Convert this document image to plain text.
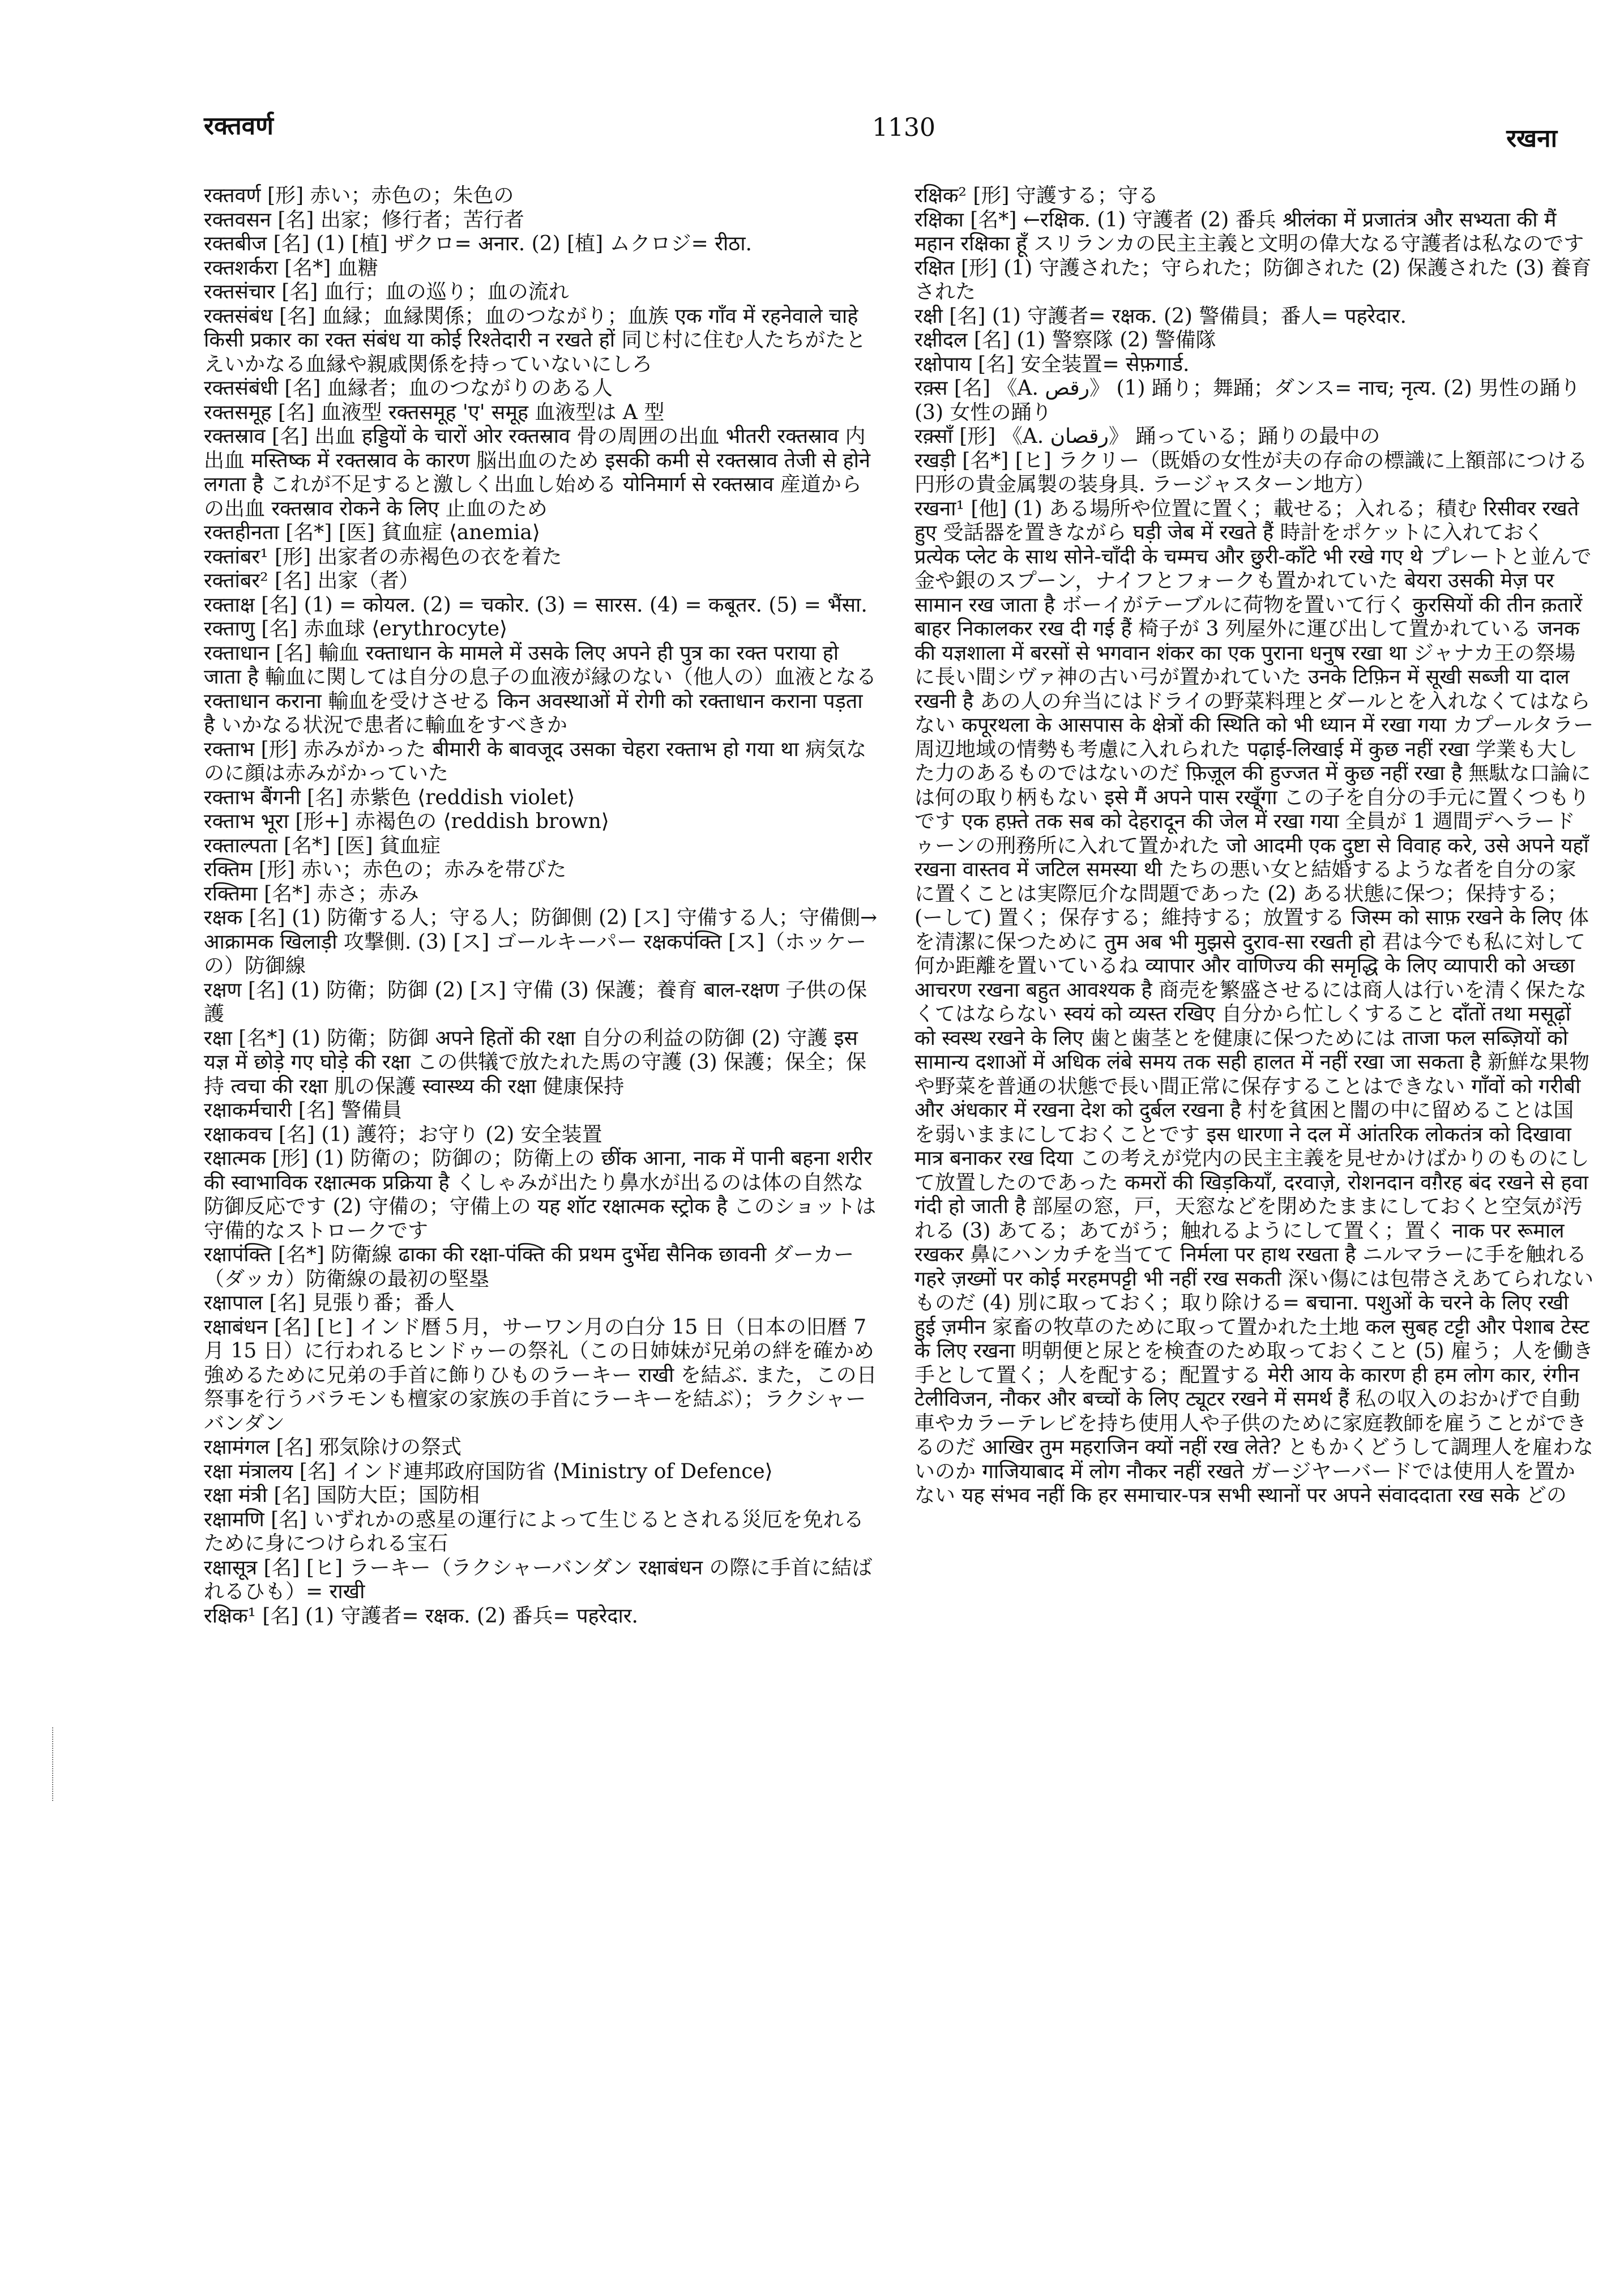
रक्तवर्ण	1130	रखना
रक्तवर्ण [形] 赤い；赤色の；朱色の
रक्तवसन [名] 出家；修行者；苦行者
रक्तबीज [名] (1) [植] ザクロ= अनार. (2) [植] ムクロジ= रीठा.
रक्तशर्करा [名*] 血糖
रक्तसंचार [名] 血行；血の巡り；血の流れ
रक्तसंबंध [名] 血縁；血縁関係；血のつながり；血族 एक गाँव में रहनेवाले चाहे किसी प्रकार का रक्त संबंध या कोई रिश्तेदारी न रखते हों 同じ村に住む人たちがたとえいかなる血縁や親戚関係を持っていないにしろ
रक्तसंबंधी [名] 血縁者；血のつながりのある人
रक्तसमूह [名] 血液型 रक्तसमूह 'ए' समूह 血液型は A 型
रक्तस्राव [名] 出血 हड्डियों के चारों ओर रक्तस्राव 骨の周囲の出血 भीतरी रक्तस्राव 内出血 मस्तिष्क में रक्तस्राव के कारण 脳出血のため इसकी कमी से रक्तस्राव तेजी से होने लगता है これが不足すると激しく出血し始める योनिमार्ग से रक्तस्राव 産道からの出血 रक्तस्राव रोकने के लिए 止血のため
रक्तहीनता [名*] [医] 貧血症 ⟨anemia⟩
रक्तांबर¹ [形] 出家者の赤褐色の衣を着た
रक्तांबर² [名] 出家（者）
रक्ताक्ष [名] (1) = कोयल. (2) = चकोर. (3) = सारस. (4) = कबूतर. (5) = भैंसा.
रक्ताणु [名] 赤血球 ⟨erythrocyte⟩
रक्ताधान [名] 輸血 रक्ताधान के मामले में उसके लिए अपने ही पुत्र का रक्त पराया हो जाता है 輸血に関しては自分の息子の血液が縁のない（他人の）血液となる रक्ताधान कराना 輸血を受けさせる किन अवस्थाओं में रोगी को रक्ताधान कराना पड़ता है いかなる状況で患者に輸血をすべきか
रक्ताभ [形] 赤みがかった बीमारी के बावजूद उसका चेहरा रक्ताभ हो गया था 病気なのに顔は赤みがかっていた
रक्ताभ बैंगनी [名] 赤紫色 ⟨reddish violet⟩
रक्ताभ भूरा [形+] 赤褐色の ⟨reddish brown⟩
रक्ताल्पता [名*] [医] 貧血症
रक्तिम [形] 赤い；赤色の；赤みを帯びた
रक्तिमा [名*] 赤さ；赤み
रक्षक [名] (1) 防衛する人；守る人；防御側 (2) [ス] 守備する人；守備側→ आक्रामक खिलाड़ी 攻撃側. (3) [ス] ゴールキーパー रक्षकपंक्ति [ス]（ホッケーの）防御線
रक्षण [名] (1) 防衛；防御 (2) [ス] 守備 (3) 保護；養育 बाल-रक्षण 子供の保護
रक्षा [名*] (1) 防衛；防御 अपने हितों की रक्षा 自分の利益の防御 (2) 守護 इस यज्ञ में छोड़े गए घोड़े की रक्षा この供犠で放たれた馬の守護 (3) 保護；保全；保持 त्वचा की रक्षा 肌の保護 स्वास्थ्य की रक्षा 健康保持
रक्षाकर्मचारी [名] 警備員
रक्षाकवच [名] (1) 護符；お守り (2) 安全装置
रक्षात्मक [形] (1) 防衛の；防御の；防衛上の छींक आना, नाक में पानी बहना शरीर की स्वाभाविक रक्षात्मक प्रक्रिया है くしゃみが出たり鼻水が出るのは体の自然な防御反応です (2) 守備の；守備上の यह शॉट रक्षात्मक स्ट्रोक है このショットは守備的なストロークです
रक्षापंक्ति [名*] 防衛線 ढाका की रक्षा-पंक्ति की प्रथम दुर्भेद्य सैनिक छावनी ダーカー（ダッカ）防衛線の最初の堅塁
रक्षापाल [名] 見張り番；番人
रक्षाबंधन [名] [ヒ] インド暦５月，サーワン月の白分 15 日（日本の旧暦 7 月 15 日）に行われるヒンドゥーの祭礼（この日姉妹が兄弟の絆を確かめ強めるために兄弟の手首に飾りひものラーキー राखी を結ぶ. また，この日祭事を行うバラモンも檀家の家族の手首にラーキーを結ぶ）；ラクシャーバンダン
रक्षामंगल [名] 邪気除けの祭式
रक्षा मंत्रालय [名] インド連邦政府国防省 ⟨Ministry of Defence⟩
रक्षा मंत्री [名] 国防大臣；国防相
रक्षामणि [名] いずれかの惑星の運行によって生じるとされる災厄を免れるために身につけられる宝石
रक्षासूत्र [名] [ヒ] ラーキー（ラクシャーバンダン रक्षाबंधन の際に手首に結ばれるひも）= राखी
रक्षिक¹ [名] (1) 守護者= रक्षक. (2) 番兵= पहरेदार.
रक्षिक² [形] 守護する；守る
रक्षिका [名*] ←रक्षिक. (1) 守護者 (2) 番兵 श्रीलंका में प्रजातंत्र और सभ्यता की मैं महान रक्षिका हूँ スリランカの民主主義と文明の偉大なる守護者は私なのです
रक्षित [形] (1) 守護された；守られた；防御された (2) 保護された (3) 養育された
रक्षी [名] (1) 守護者= रक्षक. (2) 警備員；番人= पहरेदार.
रक्षीदल [名] (1) 警察隊 (2) 警備隊
रक्षोपाय [名] 安全装置= सेफ़गार्ड.
रक़्स [名] 《A. رقص》 (1) 踊り；舞踊；ダンス= नाच; नृत्य. (2) 男性の踊り (3) 女性の踊り
रक़्साँ [形] 《A. رقصان》 踊っている；踊りの最中の
रखड़ी [名*] [ヒ] ラクリー（既婚の女性が夫の存命の標識に上額部につける円形の貴金属製の装身具. ラージャスターン地方）
रखना¹ [他] (1) ある場所や位置に置く；載せる；入れる；積む रिसीवर रखते हुए 受話器を置きながら घड़ी जेब में रखते हैं 時計をポケットに入れておく प्रत्येक प्लेट के साथ सोने-चाँदी के चम्मच और छुरी-काँटे भी रखे गए थे プレートと並んで金や銀のスプーン，ナイフとフォークも置かれていた बेयरा उसकी मेज़ पर सामान रख जाता है ボーイがテーブルに荷物を置いて行く कुरसियों की तीन क़तारें बाहर निकालकर रख दी गई हैं 椅子が 3 列屋外に運び出して置かれている जनक की यज्ञशाला में बरसों से भगवान शंकर का एक पुराना धनुष रखा था ジャナカ王の祭場に長い間シヴァ神の古い弓が置かれていた उनके टिफ़िन में सूखी सब्जी या दाल रखनी है あの人の弁当にはドライの野菜料理とダールとを入れなくてはならない कपूरथला के आसपास के क्षेत्रों की स्थिति को भी ध्यान में रखा गया カプールタラー周辺地域の情勢も考慮に入れられた पढ़ाई-लिखाई में कुछ नहीं रखा 学業も大した力のあるものではないのだ फ़िज़ूल की हुज्जत में कुछ नहीं रखा है 無駄な口論には何の取り柄もない इसे मैं अपने पास रखूँगा この子を自分の手元に置くつもりです एक हफ़्ते तक सब को देहरादून की जेल में रखा गया 全員が 1 週間デヘラードゥーンの刑務所に入れて置かれた जो आदमी एक दुष्टा से विवाह करे, उसे अपने यहाँ रखना वास्तव में जटिल समस्या थी たちの悪い女と結婚するような者を自分の家に置くことは実際厄介な問題であった (2) ある状態に保つ；保持する；(ーして) 置く；保存する；維持する；放置する जिस्म को साफ़ रखने के लिए 体を清潔に保つために तुम अब भी मुझसे दुराव-सा रखती हो 君は今でも私に対して何か距離を置いているね व्यापार और वाणिज्य की समृद्धि के लिए व्यापारी को अच्छा आचरण रखना बहुत आवश्यक है 商売を繁盛させるには商人は行いを清く保たなくてはならない स्वयं को व्यस्त रखिए 自分から忙しくすること दाँतों तथा मसूढ़ों को स्वस्थ रखने के लिए 歯と歯茎とを健康に保つためには ताजा फल सब्ज़ियों को सामान्य दशाओं में अधिक लंबे समय तक सही हालत में नहीं रखा जा सकता है 新鮮な果物や野菜を普通の状態で長い間正常に保存することはできない गाँवों को गरीबी और अंधकार में रखना देश को दुर्बल रखना है 村を貧困と闇の中に留めることは国を弱いままにしておくことです इस धारणा ने दल में आंतरिक लोकतंत्र को दिखावा मात्र बनाकर रख दिया この考えが党内の民主主義を見せかけばかりのものにして放置したのであった कमरों की खिड़कियाँ, दरवाज़े, रोशनदान वग़ैरह बंद रखने से हवा गंदी हो जाती है 部屋の窓，戸，天窓などを閉めたままにしておくと空気が汚れる (3) あてる；あてがう；触れるようにして置く；置く नाक पर रूमाल रखकर 鼻にハンカチを当てて निर्मला पर हाथ रखता है ニルマラーに手を触れる गहरे ज़ख्मों पर कोई मरहमपट्टी भी नहीं रख सकती 深い傷には包帯さえあてられないものだ (4) 別に取っておく；取り除ける= बचाना. पशुओं के चरने के लिए रखी हुई ज़मीन 家畜の牧草のために取って置かれた土地 कल सुबह टट्टी और पेशाब टेस्ट के लिए रखना 明朝便と尿とを検査のため取っておくこと (5) 雇う；人を働き手として置く；人を配する；配置する मेरी आय के कारण ही हम लोग कार, रंगीन टेलीविजन, नौकर और बच्चों के लिए ट्यूटर रखने में समर्थ हैं 私の収入のおかげで自動車やカラーテレビを持ち使用人や子供のために家庭教師を雇うことができるのだ आखिर तुम महराजिन क्यों नहीं रख लेते? ともかくどうして調理人を雇わないのか गाजियाबाद में लोग नौकर नहीं रखते ガージヤーバードでは使用人を置かない यह संभव नहीं कि हर समाचार-पत्र सभी स्थानों पर अपने संवाददाता रख सके どの
